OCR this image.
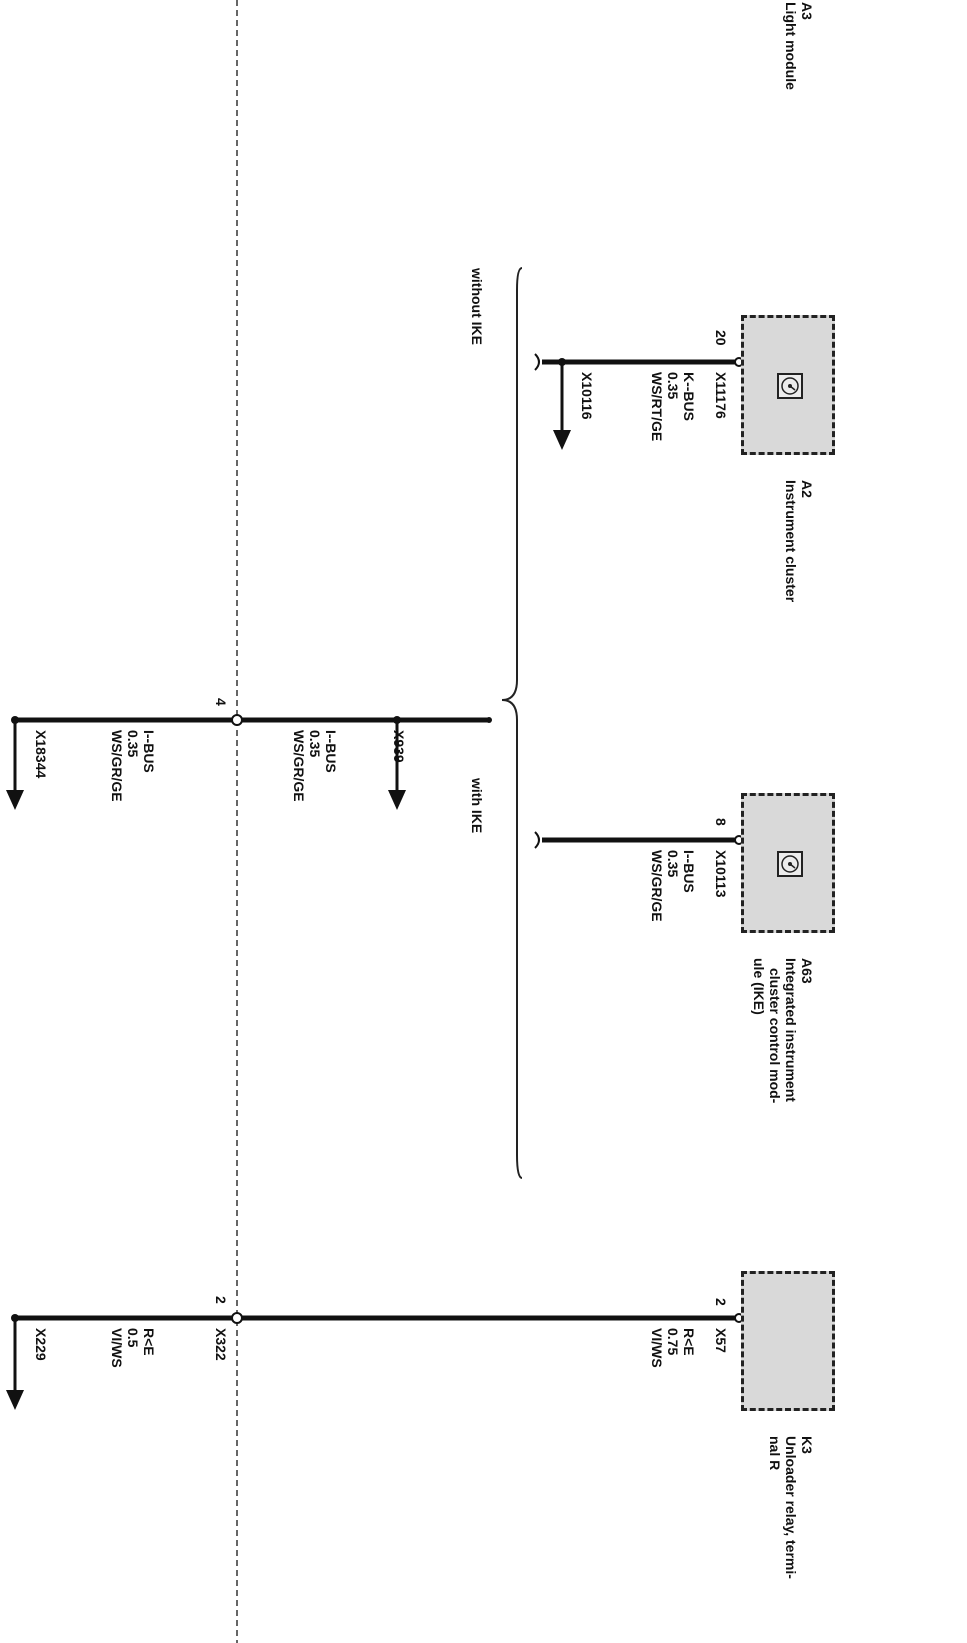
A3
Light module
A2
Instrument cluster
A63
Integrated instrument
cluster control mod-
ule (IKE)
K3
Unloader relay, termi-
nal R
20
8
2
X11176
X10113
X57
K--BUS
0.35
WS/RT/GE
X10116
I--BUS
0.35
WS/GR/GE
R<E
0.75
VI/WS
without IKE
with IKE
X939
I--BUS
0.35
WS/GR/GE
4
2
X322
I--BUS
0.35
WS/GR/GE
X18344
R<E
0.5
VI/WS
X229
